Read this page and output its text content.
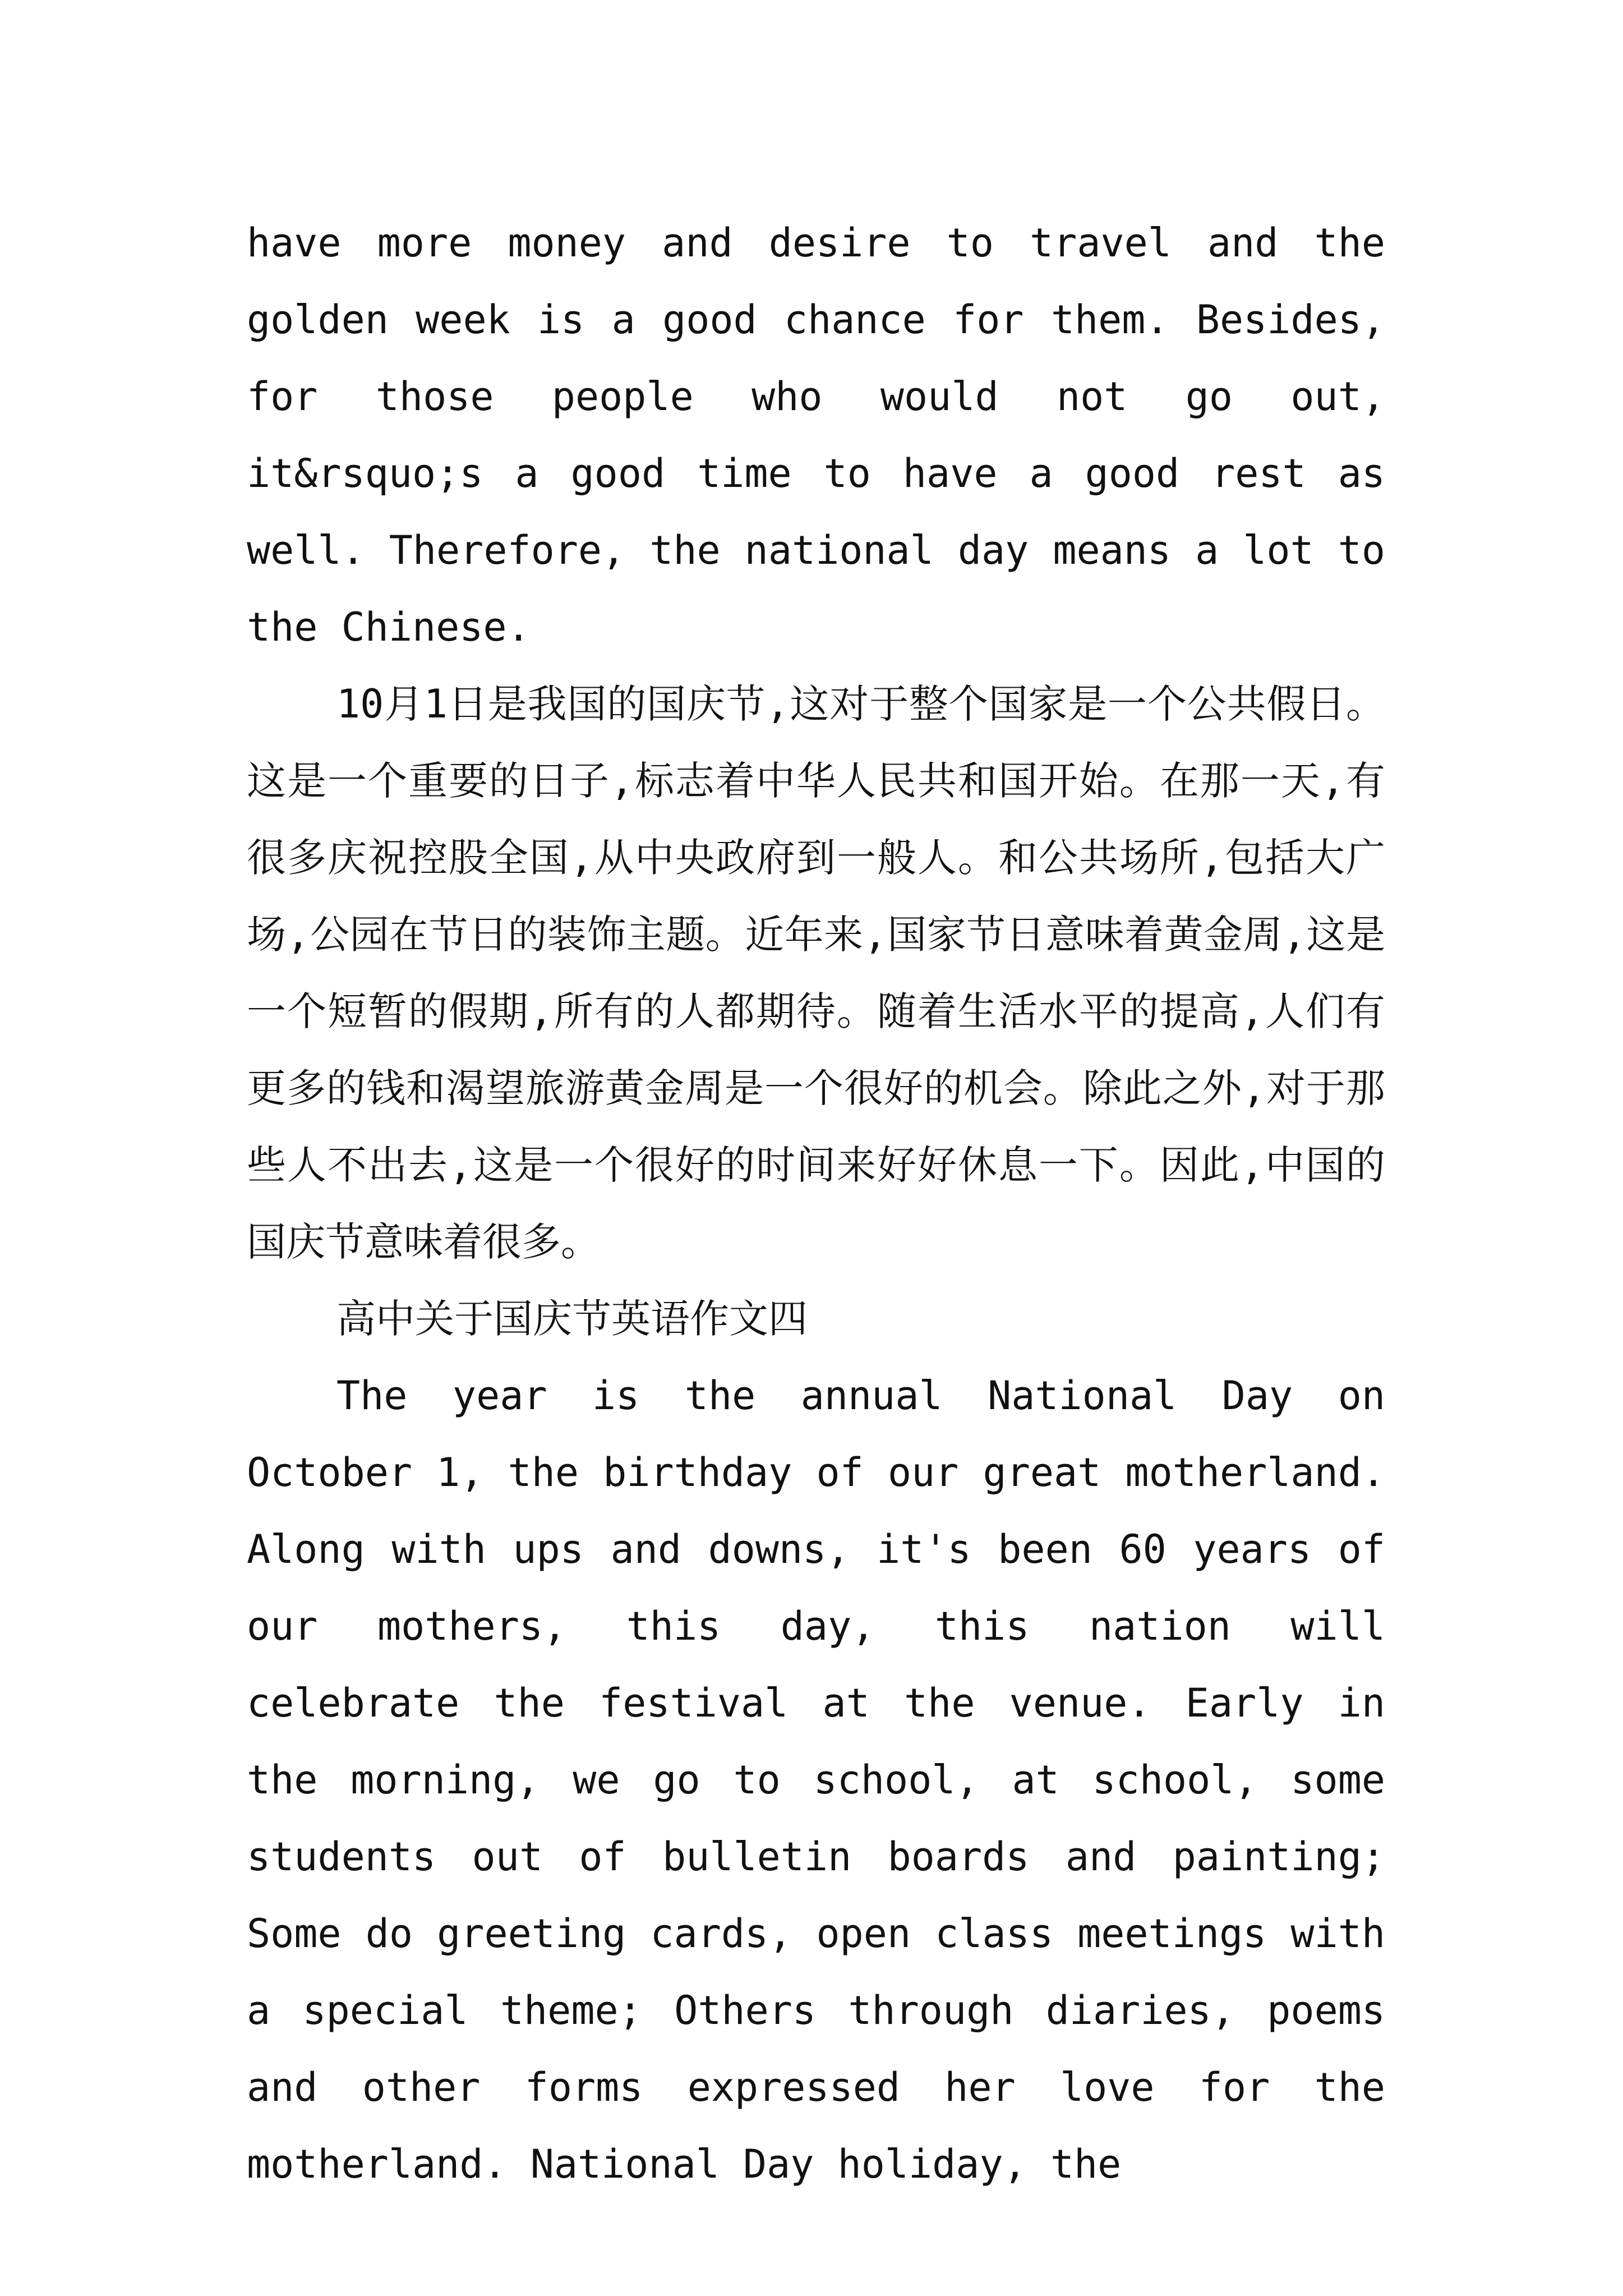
have more money and desire to travel and the golden week is a good chance for them. Besides, for those people who would not go out, it&rsquo;s a good time to have a good rest as well. Therefore, the national day means a lot to the Chinese.

10月1日是我国的国庆节,这对于整个国家是一个公共假日。这是一个重要的日子,标志着中华人民共和国开始。在那一天,有很多庆祝控股全国,从中央政府到一般人。和公共场所,包括大广场,公园在节日的装饰主题。近年来,国家节日意味着黄金周,这是一个短暂的假期,所有的人都期待。随着生活水平的提高,人们有更多的钱和渴望旅游黄金周是一个很好的机会。除此之外,对于那些人不出去,这是一个很好的时间来好好休息一下。因此,中国的国庆节意味着很多。

高中关于国庆节英语作文四

The year is the annual National Day on October 1, the birthday of our great motherland. Along with ups and downs, it's been 60 years of our mothers, this day, this nation will celebrate the festival at the venue. Early in the morning, we go to school, at school, some students out of bulletin boards and painting; Some do greeting cards, open class meetings with a special theme; Others through diaries, poems and other forms expressed her love for the motherland. National Day holiday, the
